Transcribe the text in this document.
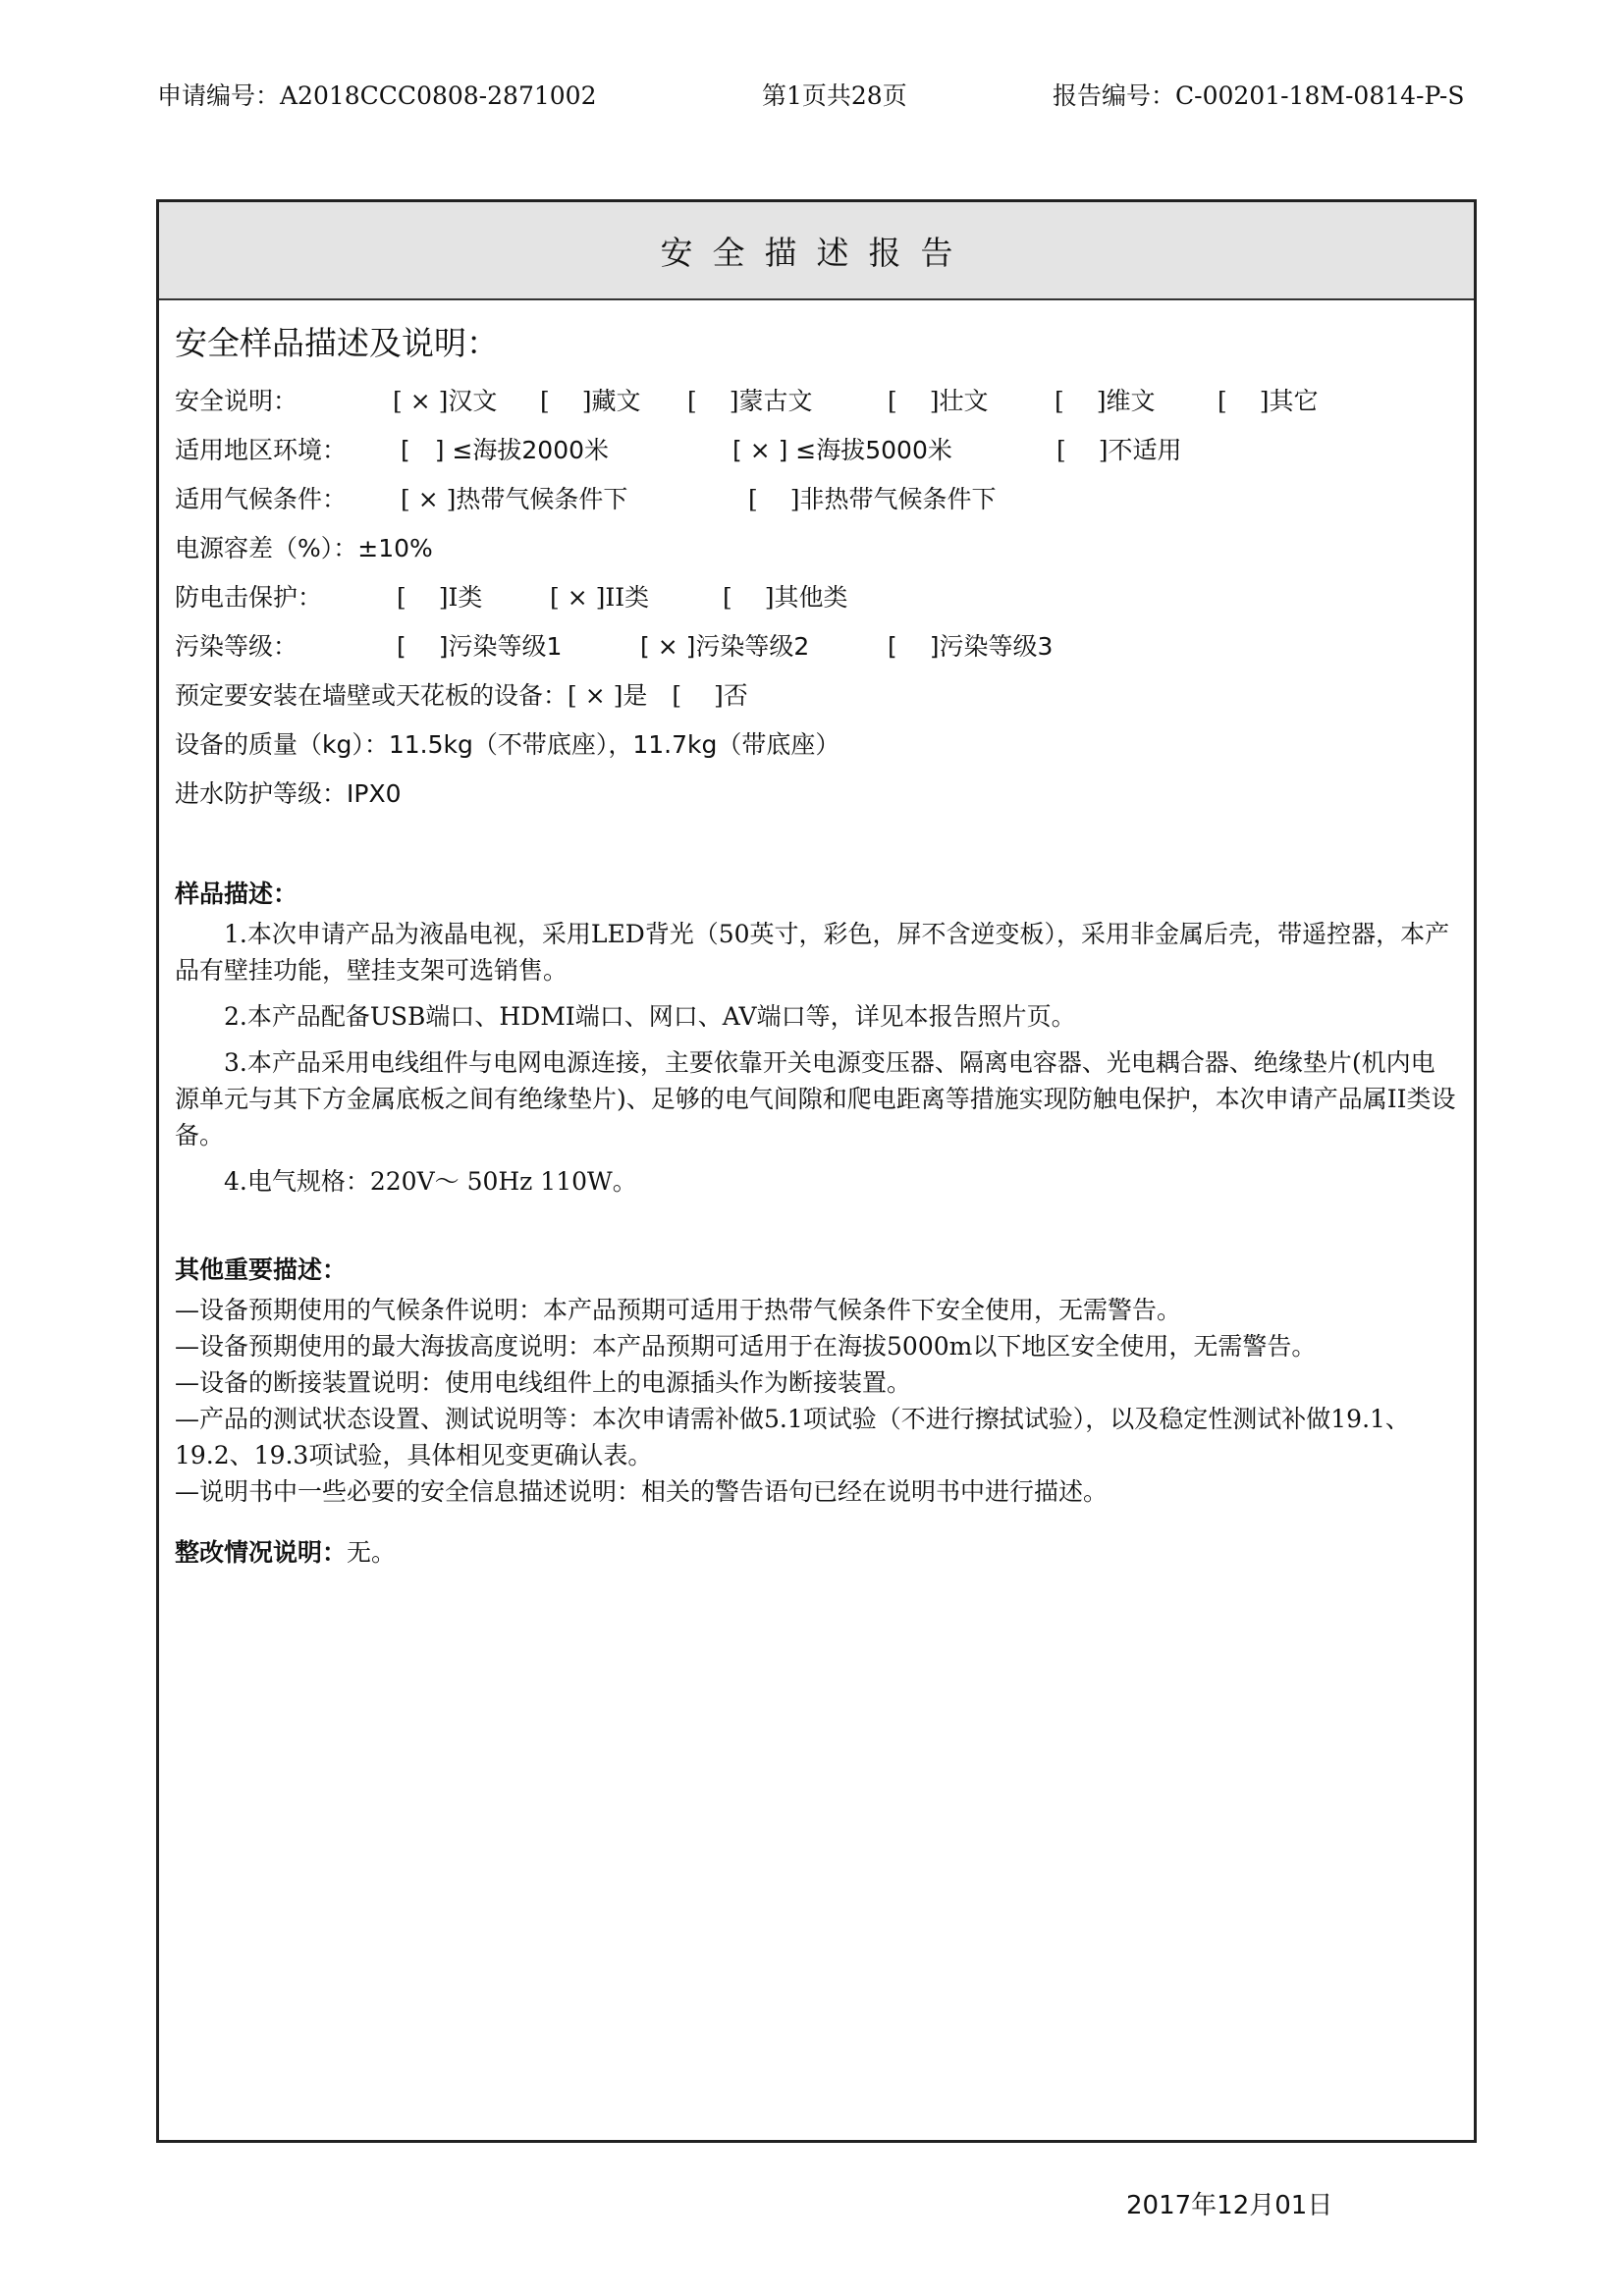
申请编号：A2018CCC0808-2871002	第1页共28页	报告编号：C-00201-18M-0814-P-S
安全描述报告
安全样品描述及说明：
安全说明：	[ × ]汉文 [　 ]藏文 [　 ]蒙古文	[　 ]壮文	[　 ]维文	[　 ]其它
适用地区环境： [　] ≤海拔2000米	[ × ] ≤海拔5000米	[　 ]不适用
适用气候条件： [ × ]热带气候条件下	[　 ]非热带气候条件下
电源容差（%）：±10%
防电击保护：	[　 ]I类	[ × ]II类	[　 ]其他类
污染等级：	[　 ]污染等级1	[ × ]污染等级2	[　 ]污染等级3
预定要安装在墙壁或天花板的设备：[ × ]是　[　 ]否
设备的质量（kg）：11.5kg（不带底座），11.7kg（带底座）
进水防护等级：IPX0
样品描述：

1.本次申请产品为液晶电视，采用LED背光（50英寸，彩色，屏不含逆变板），采用非金属后壳，带遥控器，本产品有壁挂功能，壁挂支架可选销售。

2.本产品配备USB端口、HDMI端口、网口、AV端口等，详见本报告照片页。

3.本产品采用电线组件与电网电源连接，主要依靠开关电源变压器、隔离电容器、光电耦合器、绝缘垫片(机内电源单元与其下方金属底板之间有绝缘垫片)、足够的电气间隙和爬电距离等措施实现防触电保护，本次申请产品属II类设备。

4.电气规格：220V～ 50Hz 110W。

其他重要描述：

—设备预期使用的气候条件说明：本产品预期可适用于热带气候条件下安全使用，无需警告。

—设备预期使用的最大海拔高度说明：本产品预期可适用于在海拔5000m以下地区安全使用，无需警告。

—设备的断接装置说明：使用电线组件上的电源插头作为断接装置。

—产品的测试状态设置、测试说明等：本次申请需补做5.1项试验（不进行擦拭试验），以及稳定性测试补做19.1、19.2、19.3项试验，具体相见变更确认表。

—说明书中一些必要的安全信息描述说明：相关的警告语句已经在说明书中进行描述。

整改情况说明：无。
2017年12月01日
